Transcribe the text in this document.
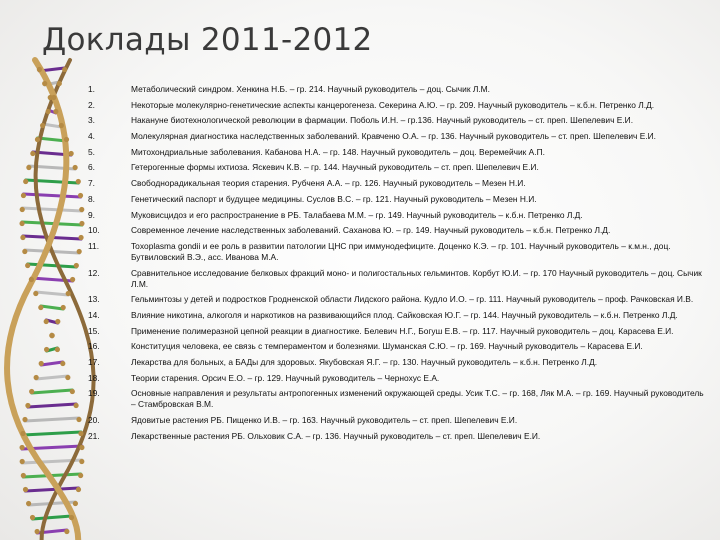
Доклады 2011-2012
1.	Метаболический синдром. Хенкина Н.Б. – гр. 214. Научный руководитель – доц. Сычик Л.М.
2.	Некоторые молекулярно-генетические аспекты канцерогенеза. Секерина А.Ю. – гр. 209. Научный руководитель – к.б.н. Петренко Л.Д.
3.	Накануне биотехнологической революции в фармации. Поболь И.Н. – гр.136. Научный руководитель – ст. преп. Шепелевич Е.И.
4.	Молекулярная диагностика наследственных заболеваний. Кравченю О.А. – гр. 136. Научный руководитель – ст. преп. Шепелевич Е.И.
5.	Митохондриальные заболевания. Кабанова Н.А. – гр. 148. Научный руководитель – доц. Веремейчик А.П.
6.	Гетерогенные формы ихтиоза. Яскевич К.В. – гр. 144. Научный руководитель – ст. преп. Шепелевич Е.И.
7.	Свободнорадикальная теория старения. Рубченя А.А. – гр. 126. Научный руководитель – Мезен Н.И.
8.	Генетический паспорт и будущее медицины. Суслов В.С. – гр. 121. Научный руководитель – Мезен Н.И.
9.	Муковисцидоз и его распространение в РБ. Талабаева М.М. – гр. 149. Научный руководитель – к.б.н. Петренко Л.Д.
10.	Современное лечение наследственных заболеваний. Саханова Ю. – гр. 149. Научный руководитель – к.б.н. Петренко Л.Д.
11.	Toxoplasma gondii и ее роль в развитии патологии ЦНС при иммунодефиците. Доценко К.Э. – гр. 101. Научный руководитель – к.м.н., доц. Бутвиловский В.Э., асс. Иванова М.А.
12.	Сравнительное исследование белковых фракций моно- и полигостальных гельминтов. Корбут Ю.И. – гр. 170 Научный руководитель – доц. Сычик Л.М.
13.	Гельминтозы у детей и подростков Гродненской области Лидского района. Кудло И.О. – гр. 111. Научный руководитель – проф. Рачковская И.В.
14.	Влияние никотина, алкоголя и наркотиков на развивающийся плод. Сайковская Ю.Г. – гр. 144. Научный руководитель – к.б.н. Петренко Л.Д.
15.	Применение полимеразной цепной реакции в диагностике. Белевич Н.Г., Богуш Е.В. – гр. 117. Научный руководитель – доц. Карасева Е.И.
16.	Конституция человека, ее связь с темпераментом и болезнями. Шуманская С.Ю. – гр. 169. Научный руководитель – Карасева Е.И.
17.	Лекарства для больных, а БАДы для здоровых. Якубовская Я.Г. – гр. 130. Научный руководитель – к.б.н. Петренко Л.Д.
18.	Теории старения. Орсич Е.О. – гр. 129. Научный руководитель – Чернохус Е.А.
19.	Основные направления и результаты антропогенных изменений окружающей среды. Усик Т.С. – гр. 168, Ляк М.А. – гр. 169. Научный руководитель – Стамбровская В.М.
20.	Ядовитые растения РБ. Пищенко И.В. – гр. 163. Научный руководитель – ст. преп. Шепелевич Е.И.
21.	Лекарственные растения РБ. Ольховик С.А. – гр. 136. Научный руководитель – ст. преп. Шепелевич Е.И.
